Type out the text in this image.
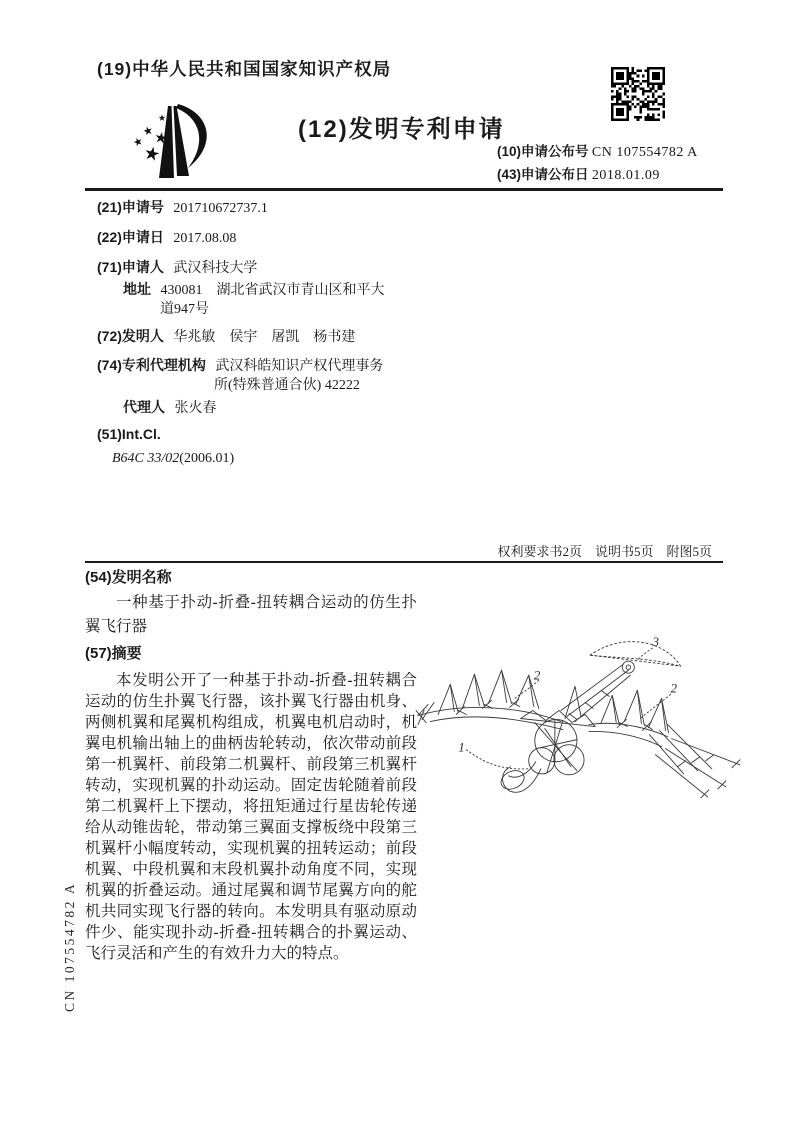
(19)中华人民共和国国家知识产权局
(12)发明专利申请
(10)申请公布号 CN 107554782 A
(43)申请公布日 2018.01.09
(21)申请号 201710672737.1
(22)申请日 2017.08.08
(71)申请人 武汉科技大学
地址 430081　湖北省武汉市青山区和平大
道947号
(72)发明人 华兆敏　侯宇　屠凯　杨书建
(74)专利代理机构 武汉科皓知识产权代理事务
所(特殊普通合伙) 42222
代理人 张火春
(51)Int.Cl.
B64C 33/02(2006.01)
权利要求书2页　说明书5页　附图5页
(54)发明名称

一种基于扑动-折叠-扭转耦合运动的仿生扑翼飞行器

(57)摘要

本发明公开了一种基于扑动-折叠-扭转耦合运动的仿生扑翼飞行器，该扑翼飞行器由机身、两侧机翼和尾翼机构组成，机翼电机启动时，机翼电机输出轴上的曲柄齿轮转动，依次带动前段第一机翼杆、前段第二机翼杆、前段第三机翼杆转动，实现机翼的扑动运动。固定齿轮随着前段第二机翼杆上下摆动，将扭矩通过行星齿轮传递给从动锥齿轮，带动第三翼面支撑板绕中段第三机翼杆小幅度转动，实现机翼的扭转运动；前段机翼、中段机翼和末段机翼扑动角度不同，实现机翼的折叠运动。通过尾翼和调节尾翼方向的舵机共同实现飞行器的转向。本发明具有驱动原动件少、能实现扑动-折叠-扭转耦合的扑翼运动、飞行灵活和产生的有效升力大的特点。

1
2
2
3
CN 107554782 A
